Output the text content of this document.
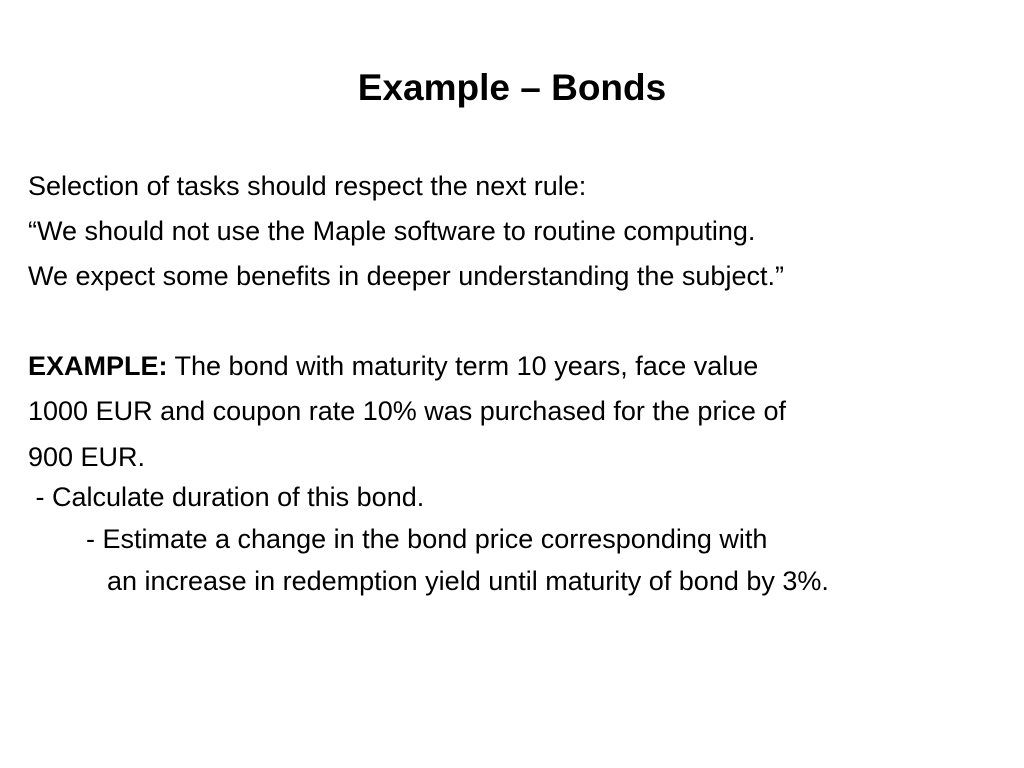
Example – Bonds
Selection of tasks should respect the next rule:
“We should not use the Maple software to routine computing.
We expect some benefits in deeper understanding the subject.”
EXAMPLE: The bond with maturity term 10 years, face value
1000 EUR and coupon rate 10% was purchased for the price of
900 EUR.
- Calculate duration of this bond.
- Estimate a change in the bond price corresponding with
an increase in redemption yield until maturity of bond by 3%.
